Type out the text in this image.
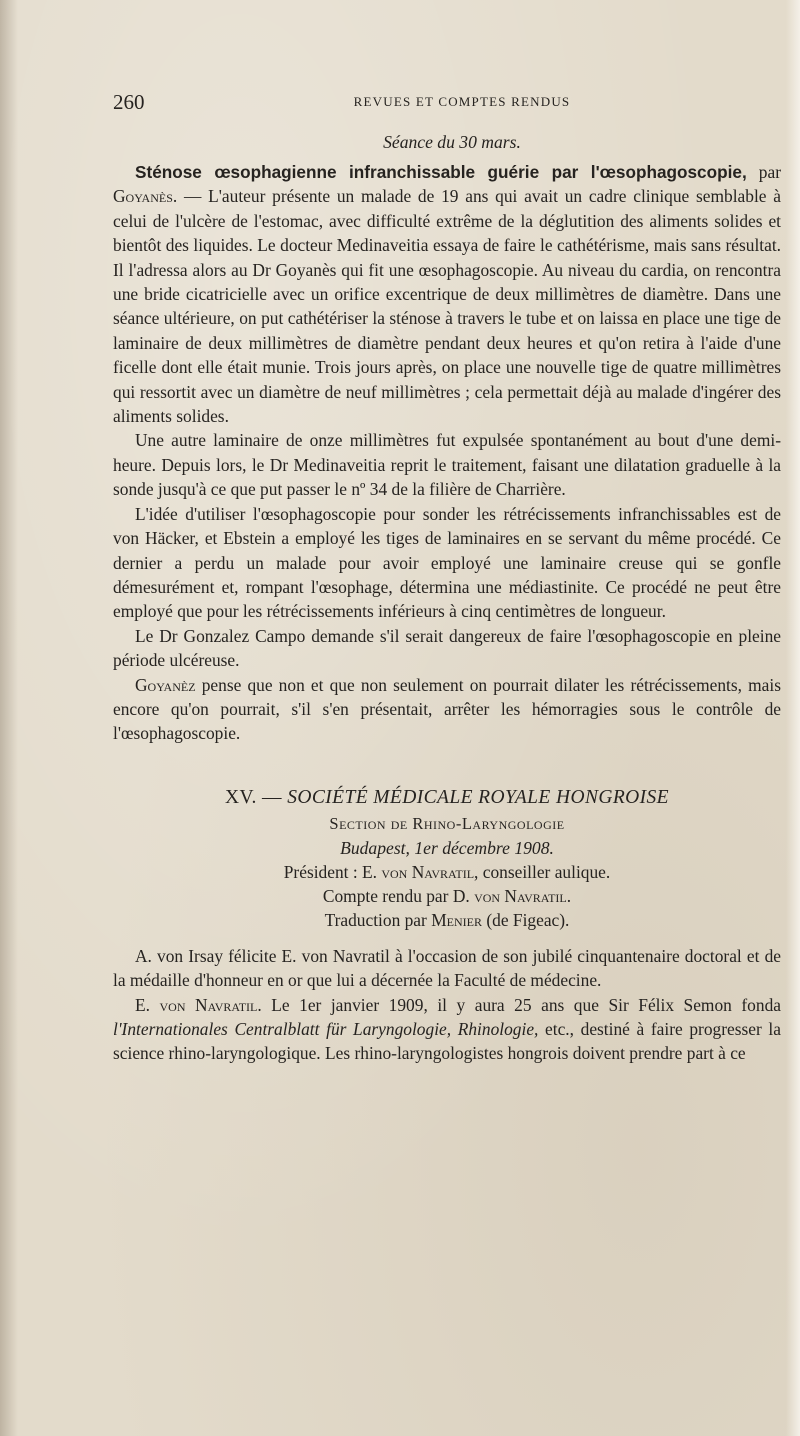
260	REVUES ET COMPTES RENDUS

Séance du 30 mars.

Sténose œsophagienne infranchissable guérie par l'œsophagoscopie, par Goyanès. — L'auteur présente un malade de 19 ans qui avait un cadre clinique semblable à celui de l'ulcère de l'estomac, avec difficulté extrême de la déglutition des aliments solides et bientôt des liquides. Le docteur Medinaveitia essaya de faire le cathétérisme, mais sans résultat. Il l'adressa alors au Dr Goyanès qui fit une œsophagoscopie. Au niveau du cardia, on rencontra une bride cicatricielle avec un orifice excentrique de deux millimètres de diamètre. Dans une séance ultérieure, on put cathétériser la sténose à travers le tube et on laissa en place une tige de laminaire de deux millimètres de diamètre pendant deux heures et qu'on retira à l'aide d'une ficelle dont elle était munie. Trois jours après, on place une nouvelle tige de quatre millimètres qui ressortit avec un diamètre de neuf millimètres ; cela permettait déjà au malade d'ingérer des aliments solides.

Une autre laminaire de onze millimètres fut expulsée spontanément au bout d'une demi-heure. Depuis lors, le Dr Medinaveitia reprit le traitement, faisant une dilatation graduelle à la sonde jusqu'à ce que put passer le nº 34 de la filière de Charrière.

L'idée d'utiliser l'œsophagoscopie pour sonder les rétrécissements infranchissables est de von Häcker, et Ebstein a employé les tiges de laminaires en se servant du même procédé. Ce dernier a perdu un malade pour avoir employé une laminaire creuse qui se gonfle démesurément et, rompant l'œsophage, détermina une médiastinite. Ce procédé ne peut être employé que pour les rétrécissements inférieurs à cinq centimètres de longueur.

Le Dr Gonzalez Campo demande s'il serait dangereux de faire l'œsophagoscopie en pleine période ulcéreuse.

Goyanèz pense que non et que non seulement on pourrait dilater les rétrécissements, mais encore qu'on pourrait, s'il s'en présentait, arrêter les hémorragies sous le contrôle de l'œsophagoscopie.

XV. — SOCIÉTÉ MÉDICALE ROYALE HONGROISE
Section de Rhino-Laryngologie
Budapest, 1er décembre 1908.
Président : E. von Navratil, conseiller aulique.
Compte rendu par D. von Navratil.
Traduction par Menier (de Figeac).

A. von Irsay félicite E. von Navratil à l'occasion de son jubilé cinquantenaire doctoral et de la médaille d'honneur en or que lui a décernée la Faculté de médecine.

E. von Navratil. Le 1er janvier 1909, il y aura 25 ans que Sir Félix Semon fonda l'Internationales Centralblatt für Laryngologie, Rhinologie, etc., destiné à faire progresser la science rhino-laryngologique. Les rhino-laryngologistes hongrois doivent prendre part à ce
